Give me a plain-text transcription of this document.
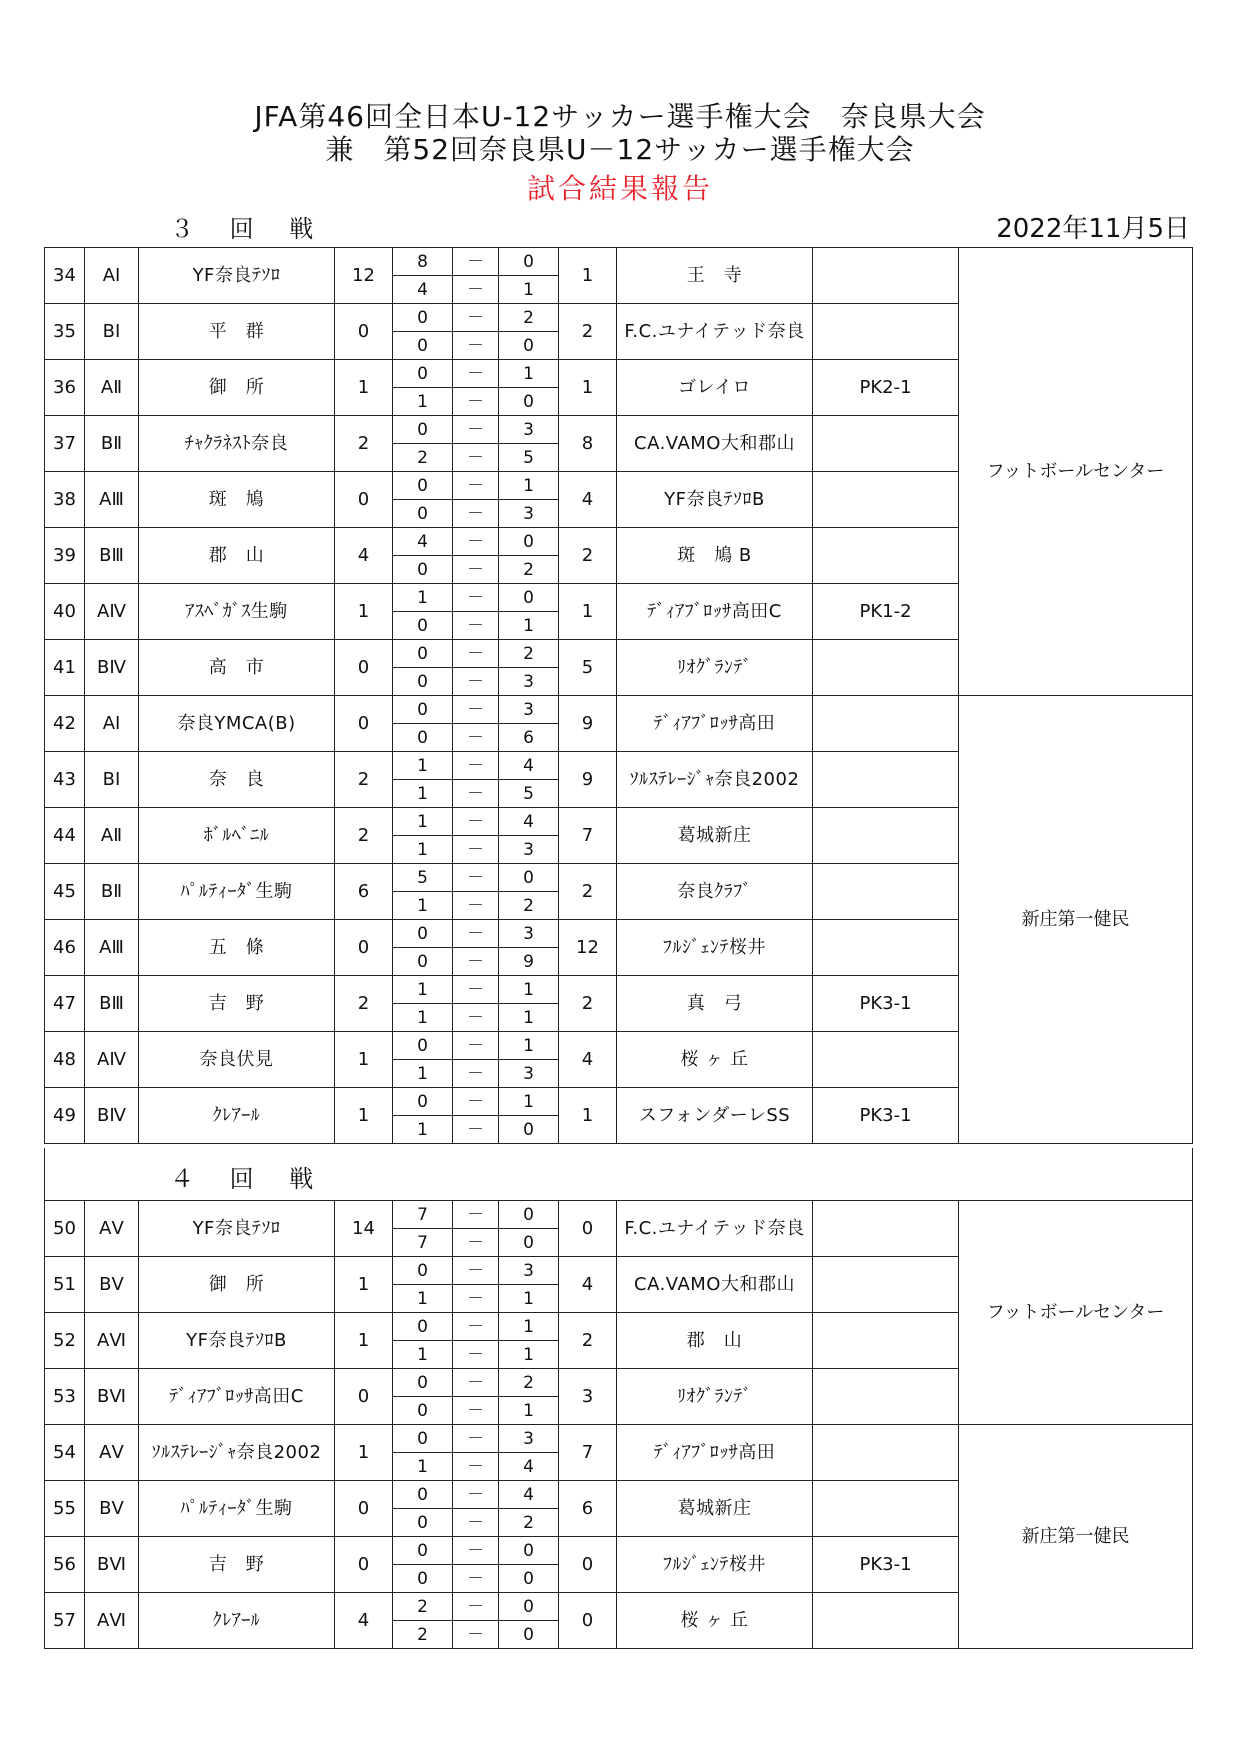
JFA第46回全日本U-12サッカー選手権大会　奈良県大会
兼　第52回奈良県U－12サッカー選手権大会
試合結果報告
３ 回 戦	2022年11月5日
34	AⅠ	YF奈良ﾃｿﾛ	12	8	－	0	1	王　寺		フットボールセンター
				4	－	1				
35	BⅠ	平　群	0	0	－	2	2	F.C.ユナイテッド奈良		
				0	－	0				
36	AⅡ	御　所	1	0	－	1	1	ゴレイロ	PK2-1	
				1	－	0				
37	BⅡ	ﾁｬｸﾗﾈｽﾄ奈良	2	0	－	3	8	CA.VAMO大和郡山		
				2	－	5				
38	AⅢ	斑　鳩	0	0	－	1	4	YF奈良ﾃｿﾛB		
				0	－	3				
39	BⅢ	郡　山	4	4	－	0	2	斑　鳩 B		
				0	－	2				
40	AⅣ	ｱｽﾍﾞｶﾞｽ生駒	1	1	－	0	1	ﾃﾞｨｱﾌﾞﾛｯｻ高田C	PK1-2	
				0	－	1				
41	BⅣ	高　市	0	0	－	2	5	ﾘｵｸﾞﾗﾝﾃﾞ		
				0	－	3				
42	AⅠ	奈良YMCA(B)	0	0	－	3	9	ﾃﾞｨｱﾌﾞﾛｯｻ高田		新庄第一健民
				0	－	6				
43	BⅠ	奈　良	2	1	－	4	9	ｿﾙｽﾃﾚｰｼﾞｬ奈良2002		
				1	－	5				
44	AⅡ	ﾎﾞﾙﾍﾞﾆﾙ	2	1	－	4	7	葛城新庄		
				1	－	3				
45	BⅡ	ﾊﾟﾙﾃｨｰﾀﾞ生駒	6	5	－	0	2	奈良ｸﾗﾌﾞ		
				1	－	2				
46	AⅢ	五　條	0	0	－	3	12	ﾌﾙｼﾞｪﾝﾃ桜井		
				0	－	9				
47	BⅢ	吉　野	2	1	－	1	2	真　弓	PK3-1	
				1	－	1				
48	AⅣ	奈良伏見	1	0	－	1	4	桜 ヶ 丘		
				1	－	3				
49	BⅣ	ｸﾚｱｰﾙ	1	0	－	1	1	スフォンダーレSS	PK3-1	
				1	－	0				

50	AⅤ	YF奈良ﾃｿﾛ	14	7	－	0	0	F.C.ユナイテッド奈良		フットボールセンター
				7	－	0				
51	BⅤ	御　所	1	0	－	3	4	CA.VAMO大和郡山		
				1	－	1				
52	AⅥ	YF奈良ﾃｿﾛB	1	0	－	1	2	郡　山		
				1	－	1				
53	BⅥ	ﾃﾞｨｱﾌﾞﾛｯｻ高田C	0	0	－	2	3	ﾘｵｸﾞﾗﾝﾃﾞ		
				0	－	1				
54	AⅤ	ｿﾙｽﾃﾚｰｼﾞｬ奈良2002	1	0	－	3	7	ﾃﾞｨｱﾌﾞﾛｯｻ高田		新庄第一健民
				1	－	4				
55	BⅤ	ﾊﾟﾙﾃｨｰﾀﾞ生駒	0	0	－	4	6	葛城新庄		
				0	－	2				
56	BⅥ	吉　野	0	0	－	0	0	ﾌﾙｼﾞｪﾝﾃ桜井	PK3-1	
				0	－	0				
57	AⅥ	ｸﾚｱｰﾙ	4	2	－	0	0	桜 ヶ 丘		
				2	－	0				
４ 回 戦
